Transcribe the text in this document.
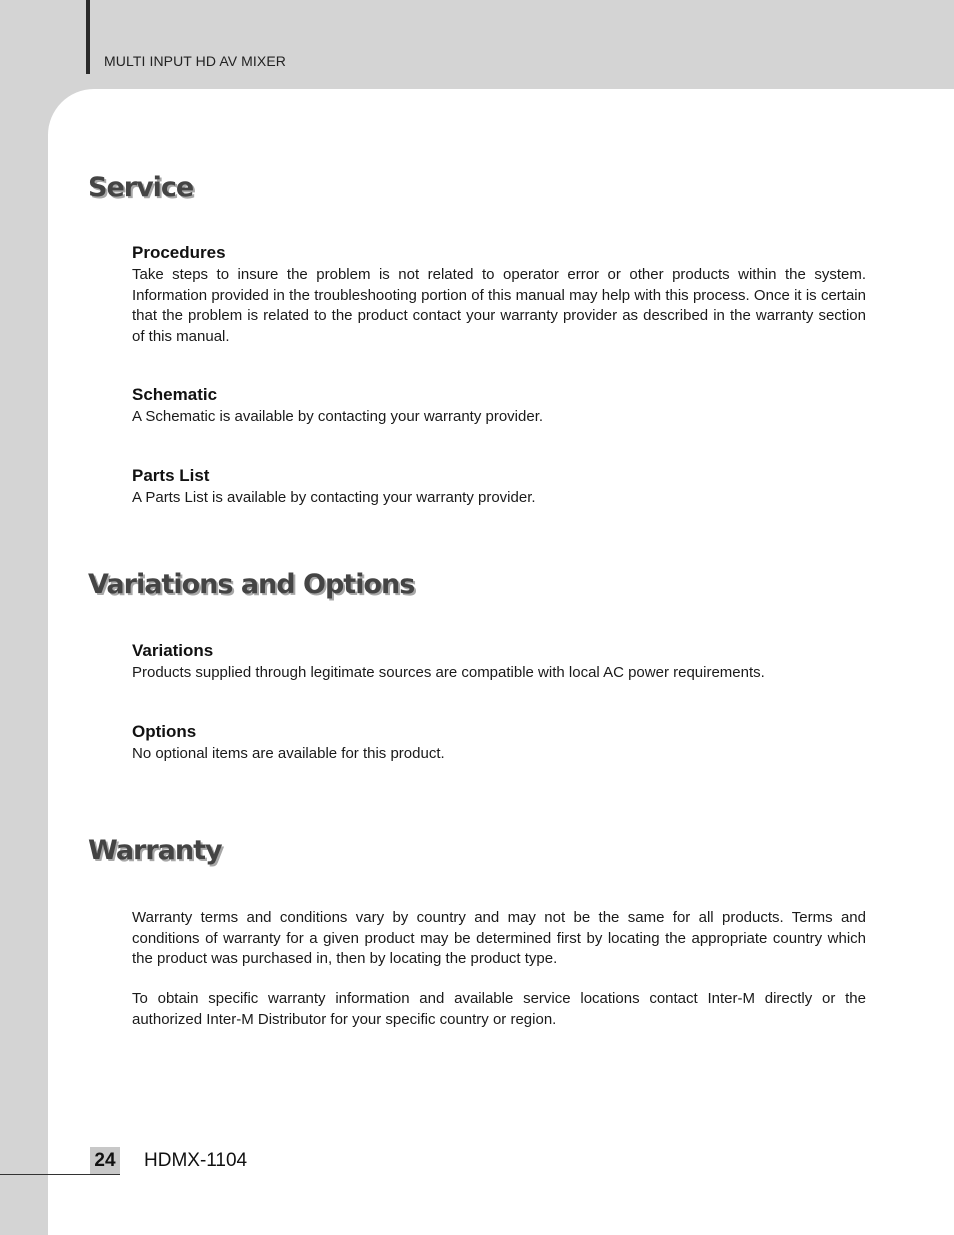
MULTI INPUT HD AV MIXER
Service
Procedures

Take steps to insure the problem is not related to operator error or other products within the system. Information provided in the troubleshooting portion of this manual may help with this process. Once it is certain that the problem is related to the product contact your warranty provider as described in the warranty section of this manual.

Schematic

A Schematic is available by contacting your warranty provider.

Parts List

A Parts List is available by contacting your warranty provider.

Variations and Options
Variations

Products supplied through legitimate sources are compatible with local AC power requirements.

Options

No optional items are available for this product.

Warranty

Warranty terms and conditions vary by country and may not be the same for all products. Terms and conditions of warranty for a given product may be determined first by locating the appropriate country which the product was purchased in, then by locating the product type.

To obtain specific warranty information and available service locations contact Inter-M directly or the authorized Inter-M Distributor for your specific country or region.

24 HDMX-1104
